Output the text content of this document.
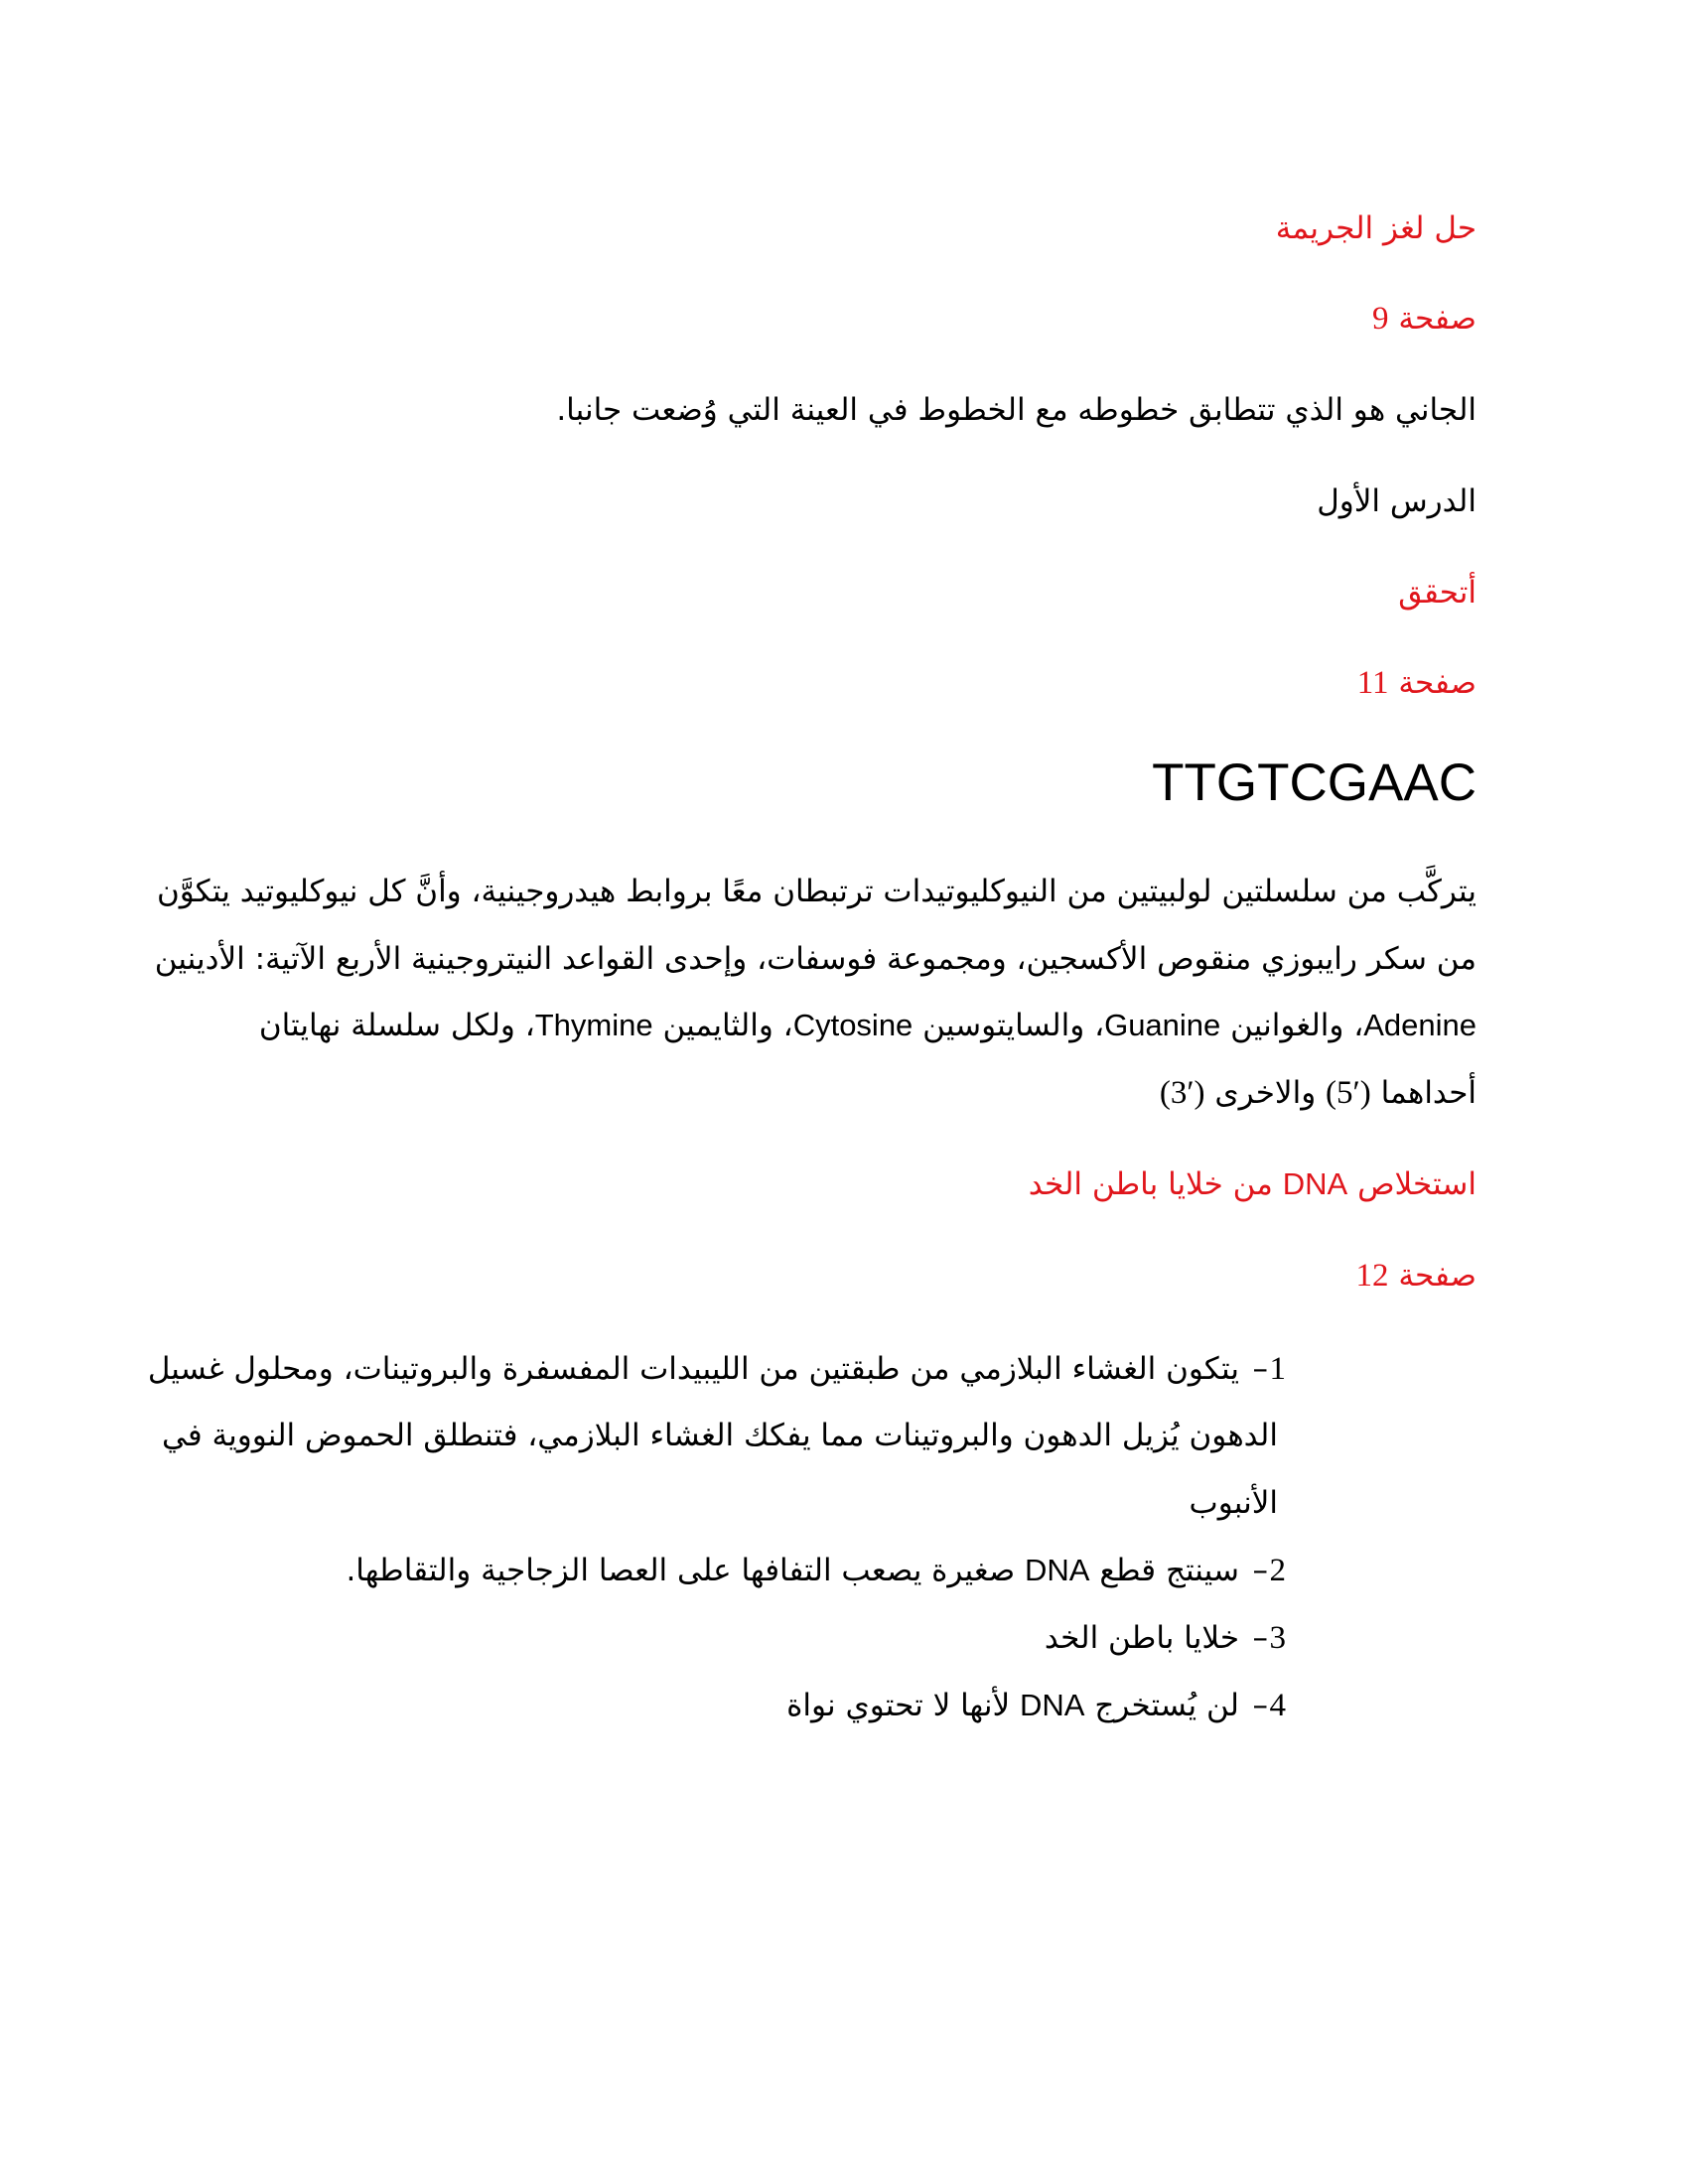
حل لغز الجريمة
صفحة 9
الجاني هو الذي تتطابق خطوطه مع الخطوط في العينة التي وُضعت جانبا.
الدرس الأول
أتحقق
صفحة 11
TTGTCGAAC
يتركَّب من سلسلتين لولبيتين من النيوكليوتيدات ترتبطان معًا بروابط هيدروجينية، وأنَّ كل نيوكليوتيد يتكوَّن
من سكر رايبوزي منقوص الأكسجين، ومجموعة فوسفات، وإحدى القواعد النيتروجينية الأربع الآتية: الأدينين
Adenine، والغوانين Guanine، والسايتوسين Cytosine، والثايمين Thymine، ولكل سلسلة نهايتان
أحداهما (5′) والاخرى (3′)
استخلاص DNA من خلايا باطن الخد
صفحة 12
1
–
يتكون الغشاء البلازمي من طبقتين من الليبيدات المفسفرة والبروتينات، ومحلول غسيل
الدهون يُزيل الدهون والبروتينات مما يفكك الغشاء البلازمي، فتنطلق الحموض النووية في
الأنبوب
2
–
سينتج قطع DNA صغيرة يصعب التفافها على العصا الزجاجية والتقاطها.
3
–
خلايا باطن الخد
4
–
لن يُستخرج DNA لأنها لا تحتوي نواة
